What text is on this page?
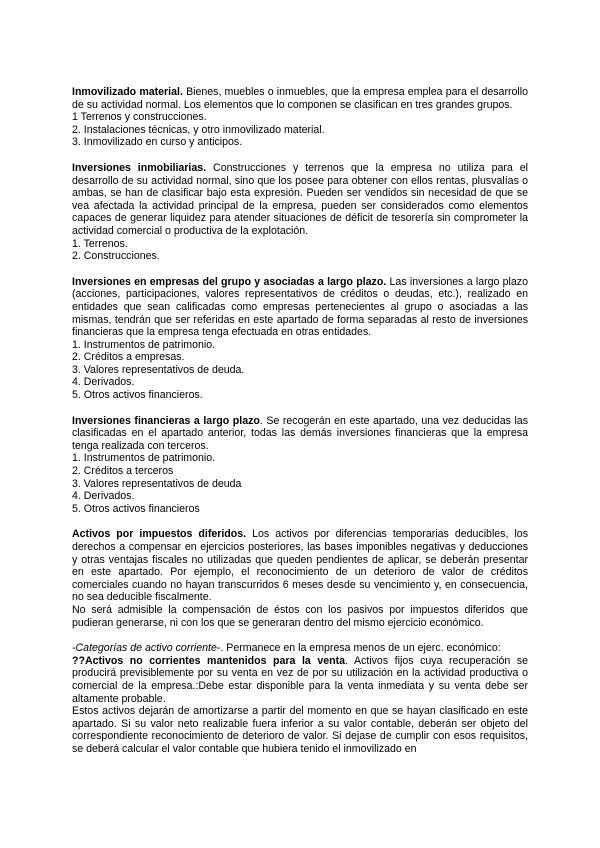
Inmovilizado material. Bienes, muebles o inmuebles, que la empresa emplea para el desarrollo de su actividad normal. Los elementos que lo componen se clasifican en tres grandes grupos.

1 Terrenos y construcciones.
2. Instalaciones técnicas, y otro inmovilizado material.
3. Inmovilizado en curso y anticipos.

Inversiones inmobiliarias. Construcciones y terrenos que la empresa no utiliza para el desarrollo de su actividad normal, sino que los posee para obtener con ellos rentas, plusvalías o ambas, se han de clasificar bajo esta expresión. Pueden ser vendidos sin necesidad de que se vea afectada la actividad principal de la empresa, pueden ser considerados como elementos capaces de generar liquidez para atender situaciones de déficit de tesorería sin comprometer la actividad comercial o productiva de la explotación.

1. Terrenos.
2. Construcciones.

Inversiones en empresas del grupo y asociadas a largo plazo. Las inversiones a largo plazo (acciones, participaciones, valores representativos de créditos o deudas, etc.), realizado en entidades que sean calificadas como empresas pertenecientes al grupo o asociadas a las mismas, tendrán que ser referidas en este apartado de forma separadas al resto de inversiones financieras que la empresa tenga efectuada en otras entidades.

1. Instrumentos de patrimonio.
2. Créditos a empresas.
3. Valores representativos de deuda.
4. Derivados.
5. Otros activos financieros.

Inversiones financieras a largo plazo. Se recogerán en este apartado, una vez deducidas las clasificadas en el apartado anterior, todas las demás inversiones financieras que la empresa tenga realizada con terceros.

1. Instrumentos de patrimonio.
2. Créditos a terceros
3. Valores representativos de deuda
4. Derivados.
5. Otros activos financieros

Activos por impuestos diferidos. Los activos por diferencias temporarias deducibles, los derechos a compensar en ejercicios posteriores, las bases imponibles negativas y deducciones y otras ventajas fiscales no utilizadas que queden pendientes de aplicar, se deberán presentar en este apartado. Por ejemplo, el reconocimiento de un deterioro de valor de créditos comerciales cuando no hayan transcurridos 6 meses desde su vencimiento y, en consecuencia, no sea deducible fiscalmente.

No será admisible la compensación de éstos con los pasivos por impuestos diferidos que pudieran generarse, ni con los que se generaran dentro del mismo ejercicio económico.

-Categorías de activo corriente-. Permanece en la empresa menos de un ejerc. económico:

??Activos no corrientes mantenidos para la venta. Activos fijos cuya recuperación se producirá previsiblemente por su venta en vez de por su utilización en la actividad productiva o comercial de la empresa.:Debe estar disponible para la venta inmediata y su venta debe ser altamente probable.

Estos activos dejarán de amortizarse a partir del momento en que se hayan clasificado en este apartado. Si su valor neto realizable fuera inferior a su valor contable, deberán ser objeto del correspondiente reconocimiento de deterioro de valor. Si dejase de cumplir con esos requisitos, se deberá calcular el valor contable que hubiera tenido el inmovilizado en
